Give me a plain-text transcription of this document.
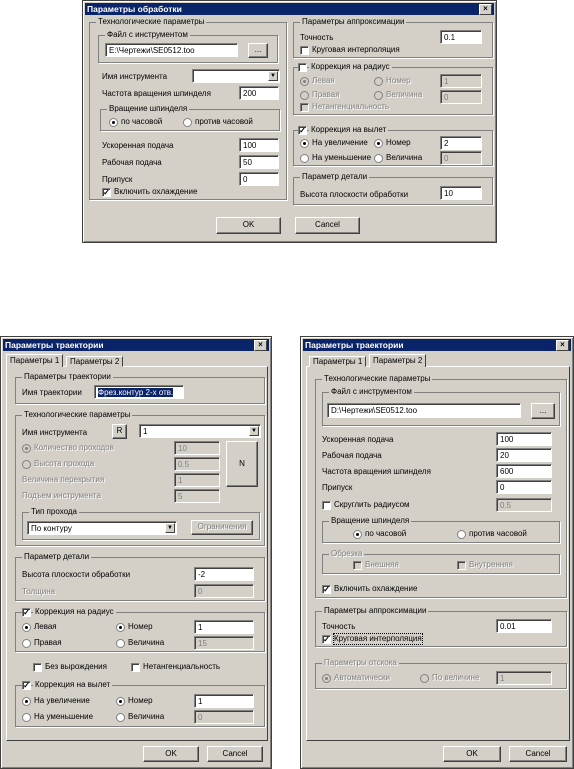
Параметры обработки	×
Технологические параметры
Файл с инструментом
E:\Чертежи\SE0512.too	...
Имя инструмента	▼
Частота вращения шпинделя	200
Вращение шпинделя
по часовой	против часовой
Ускоренная подача	100
Рабочая подача	50
Припуск	0
✓ Включить охлаждение
Параметры аппроксимации
Точность	0.1
Круговая интерполяция
Коррекция на радиус
Левая	Номер	1
Правая	Величина	0
Нетангенциальность
✓ Коррекция на вылет
На увеличение Номер	2
На уменьшение Величина	0
Параметр детали
Высота плоскости обработки	10
OK	Cancel
Параметры траектории	×
Параметры 1	Параметры 2
Параметры траектории
Имя траектории	Фрез.контур 2-х отв.
Технологические параметры
Имя инструмента	R	1	▼
Количество проходов	10
Высота прохода	0.5	N
Величина перекрытия	1
Подъем инструмента	5
Тип прохода
По контуру	▼	Ограничения
Параметр детали
Высота плоскости обработки	-2
Толщина	0
✓ Коррекция на радиус
Левая	Номер	1
Правая	Величина	15
Без вырождения	Нетангенциальность
✓ Коррекция на вылет
На увеличение	Номер	1
На уменьшение	Величина	0
OK	Cancel
Параметры траектории	×
Параметры 1	Параметры 2
Технологические параметры
Файл с инструментом
D:\Чертежи\SE0512.too	...
Ускоренная подача	100
Рабочая подача	20
Частота вращения шпинделя	600
Припуск	0
Скруглить радиусом	0.5
Вращение шпинделя
по часовой	против часовой
Обрезка
Внешняя	Внутренняя
✓ Включить охлаждение
Параметры аппроксимации
Точность	0.01
✓ Круговая интерполяция
Параметры отскока
Автоматически	По величине	1
OK	Cancel
